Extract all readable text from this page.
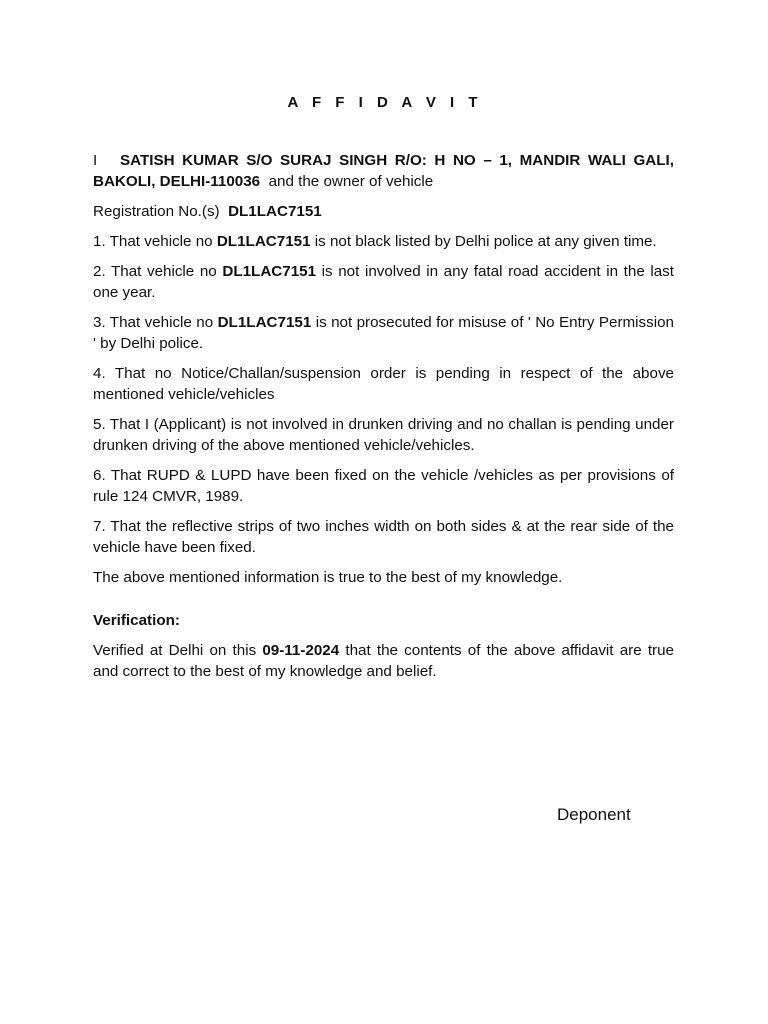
A F F I D A V I T

I SATISH KUMAR S/O SURAJ SINGH R/O: H NO – 1, MANDIR WALI GALI, BAKOLI, DELHI-110036 and the owner of vehicle

Registration No.(s) DL1LAC7151

1. That vehicle no DL1LAC7151 is not black listed by Delhi police at any given time.

2. That vehicle no DL1LAC7151 is not involved in any fatal road accident in the last one year.

3. That vehicle no DL1LAC7151 is not prosecuted for misuse of ' No Entry Permission ' by Delhi police.

4. That no Notice/Challan/suspension order is pending in respect of the above mentioned vehicle/vehicles

5. That I (Applicant) is not involved in drunken driving and no challan is pending under drunken driving of the above mentioned vehicle/vehicles.

6. That RUPD & LUPD have been fixed on the vehicle /vehicles as per provisions of rule 124 CMVR, 1989.

7. That the reflective strips of two inches width on both sides & at the rear side of the vehicle have been fixed.

The above mentioned information is true to the best of my knowledge.

Verification:

Verified at Delhi on this 09-11-2024 that the contents of the above affidavit are true and correct to the best of my knowledge and belief.

Deponent
